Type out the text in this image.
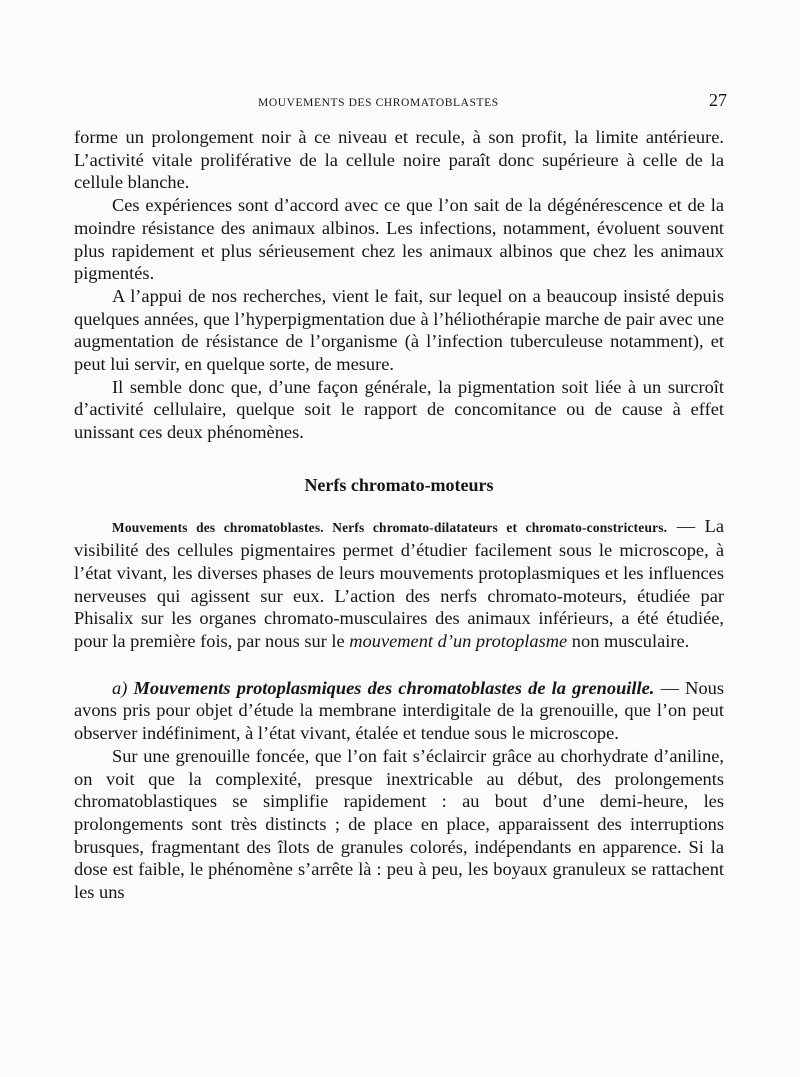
MOUVEMENTS DES CHROMATOBLASTES	27

forme un prolongement noir à ce niveau et recule, à son profit, la limite antérieure. L’activité vitale proliférative de la cellule noire paraît donc supérieure à celle de la cellule blanche.

Ces expériences sont d’accord avec ce que l’on sait de la dégénérescence et de la moindre résistance des animaux albinos. Les infections, notamment, évoluent souvent plus rapidement et plus sérieusement chez les animaux albinos que chez les animaux pigmentés.

A l’appui de nos recherches, vient le fait, sur lequel on a beaucoup insisté depuis quelques années, que l’hyperpigmentation due à l’héliothérapie marche de pair avec une augmentation de résistance de l’organisme (à l’infection tuberculeuse notamment), et peut lui servir, en quelque sorte, de mesure.

Il semble donc que, d’une façon générale, la pigmentation soit liée à un surcroît d’activité cellulaire, quelque soit le rapport de concomitance ou de cause à effet unissant ces deux phénomènes.

Nerfs chromato-moteurs

Mouvements des chromatoblastes. Nerfs chromato-dilatateurs et chromato-constricteurs. — La visibilité des cellules pigmentaires permet d’étudier facilement sous le microscope, à l’état vivant, les diverses phases de leurs mouvements protoplasmiques et les influences nerveuses qui agissent sur eux. L’action des nerfs chromato-moteurs, étudiée par Phisalix sur les organes chromato-musculaires des animaux inférieurs, a été étudiée, pour la première fois, par nous sur le mouvement d’un protoplasme non musculaire.

a) Mouvements protoplasmiques des chromatoblastes de la grenouille. — Nous avons pris pour objet d’étude la membrane interdigitale de la grenouille, que l’on peut observer indéfiniment, à l’état vivant, étalée et tendue sous le microscope.

Sur une grenouille foncée, que l’on fait s’éclaircir grâce au chorhydrate d’aniline, on voit que la complexité, presque inextricable au début, des prolongements chromatoblastiques se simplifie rapidement : au bout d’une demi-heure, les prolongements sont très distincts ; de place en place, apparaissent des interruptions brusques, fragmentant des îlots de granules colorés, indépendants en apparence. Si la dose est faible, le phénomène s’arrête là : peu à peu, les boyaux granuleux se rattachent les uns
